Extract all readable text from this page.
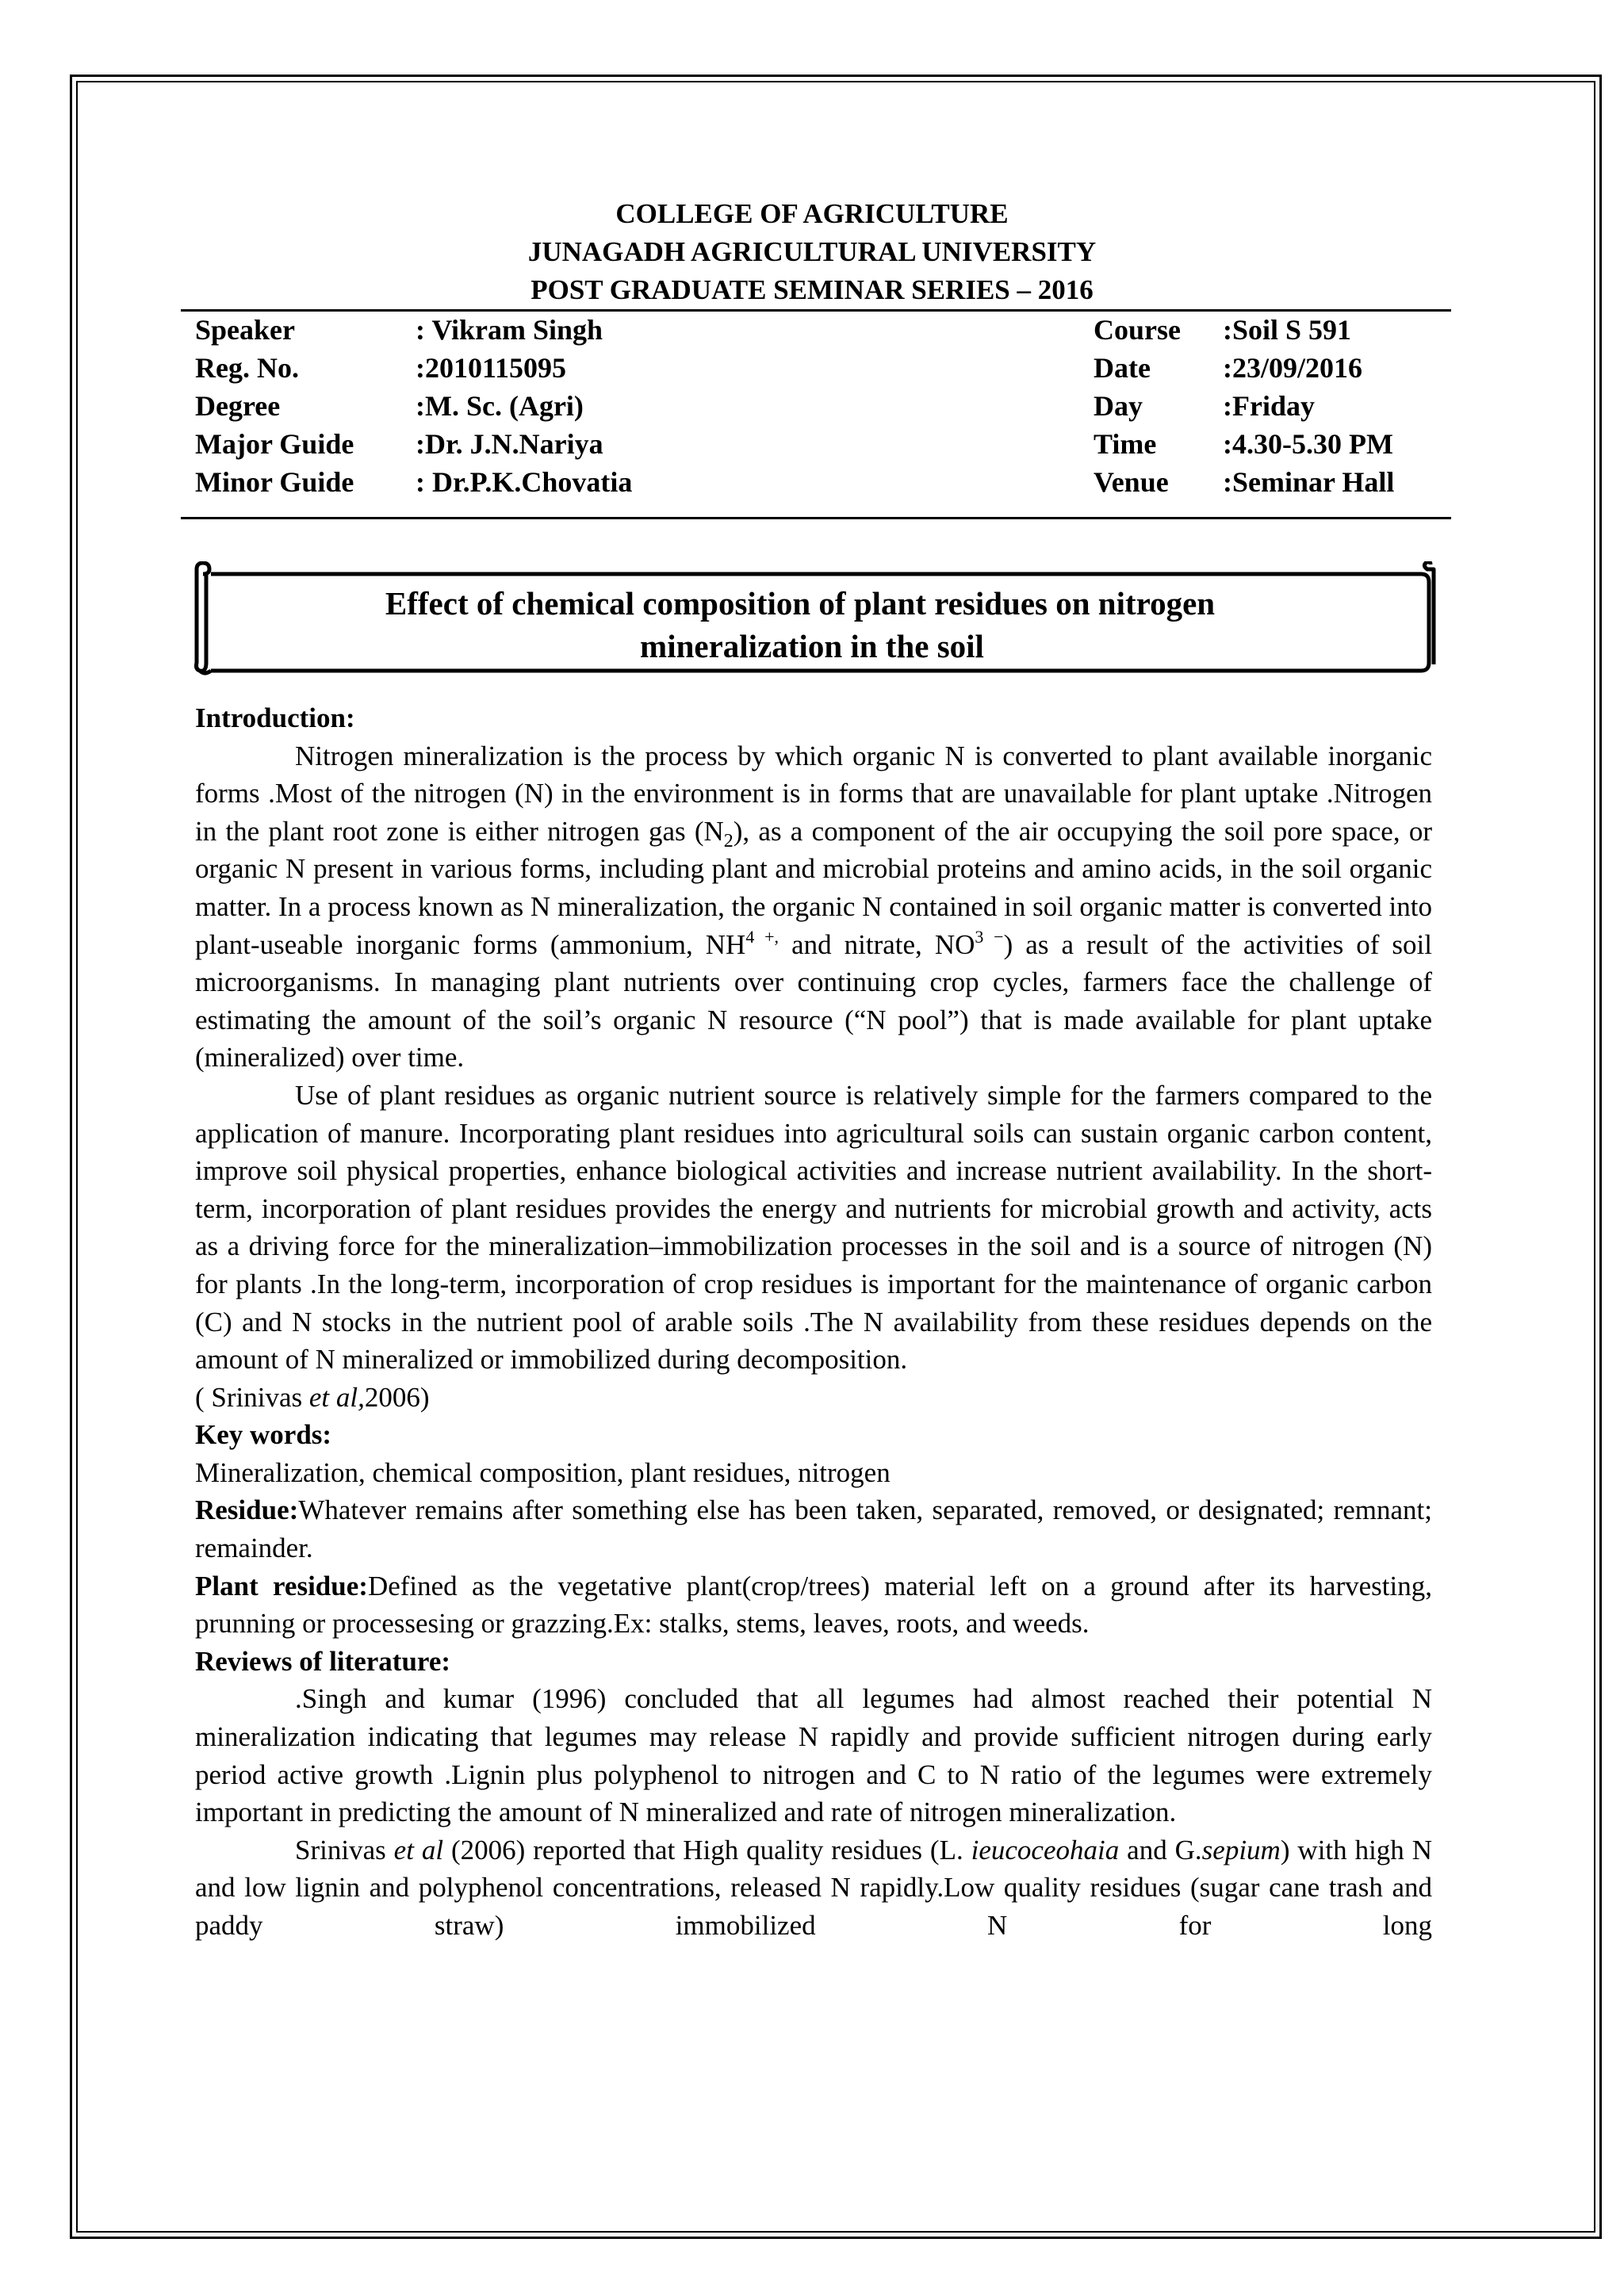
COLLEGE OF AGRICULTURE
JUNAGADH AGRICULTURAL UNIVERSITY
POST GRADUATE SEMINAR SERIES – 2016
Speaker	: Vikram Singh	Course :Soil S 591
Reg. No.	:2010115095	Date	:23/09/2016
Degree	:M. Sc. (Agri)	Day	:Friday
Major Guide :Dr. J.N.Nariya	Time :4.30-5.30 PM
Minor Guide : Dr.P.K.Chovatia	Venue :Seminar Hall
Effect of chemical composition of plant residues on nitrogen
mineralization in the soil

Introduction:

Nitrogen mineralization is the process by which organic N is converted to plant available inorganic forms .Most of the nitrogen (N) in the environment is in forms that are unavailable for plant uptake .Nitrogen in the plant root zone is either nitrogen gas $(N_2)$, as a component of the air occupying the soil pore space, or organic N present in various forms, including plant and microbial proteins and amino acids, in the soil organic matter. In a process known as N mineralization, the organic N contained in soil organic matter is converted into plant-useable inorganic forms (ammonium, $NH^{4 +,}$ and nitrate, $NO^{3 -}$) as a result of the activities of soil microorganisms. In managing plant nutrients over continuing crop cycles, farmers face the challenge of estimating the amount of the soil’s organic N resource (“N pool”) that is made available for plant uptake (mineralized) over time.

Use of plant residues as organic nutrient source is relatively simple for the farmers compared to the application of manure. Incorporating plant residues into agricultural soils can sustain organic carbon content, improve soil physical properties, enhance biological activities and increase nutrient availability. In the short-term, incorporation of plant residues provides the energy and nutrients for microbial growth and activity, acts as a driving force for the mineralization–immobilization processes in the soil and is a source of nitrogen (N) for plants .In the long-term, incorporation of crop residues is important for the maintenance of organic carbon (C) and N stocks in the nutrient pool of arable soils .The N availability from these residues depends on the amount of N mineralized or immobilized during decomposition.

( Srinivas et al,2006)

Key words:

Mineralization, chemical composition, plant residues, nitrogen

Residue:Whatever remains after something else has been taken, separated, removed, or designated; remnant; remainder.

Plant residue:Defined as the vegetative plant(crop/trees) material left on a ground after its harvesting, prunning or processesing or grazzing.Ex: stalks, stems, leaves, roots, and weeds.

Reviews of literature:

.Singh and kumar (1996) concluded that all legumes had almost reached their potential N mineralization indicating that legumes may release N rapidly and provide sufficient nitrogen during early period active growth .Lignin plus polyphenol to nitrogen and C to N ratio of the legumes were extremely important in predicting the amount of N mineralized and rate of nitrogen mineralization.

Srinivas et al (2006) reported that High quality residues (L. ieucoceohaia and G.sepium) with high N and low lignin and polyphenol concentrations, released N rapidly.Low quality residues (sugar cane trash and paddy straw) immobilized N for long
